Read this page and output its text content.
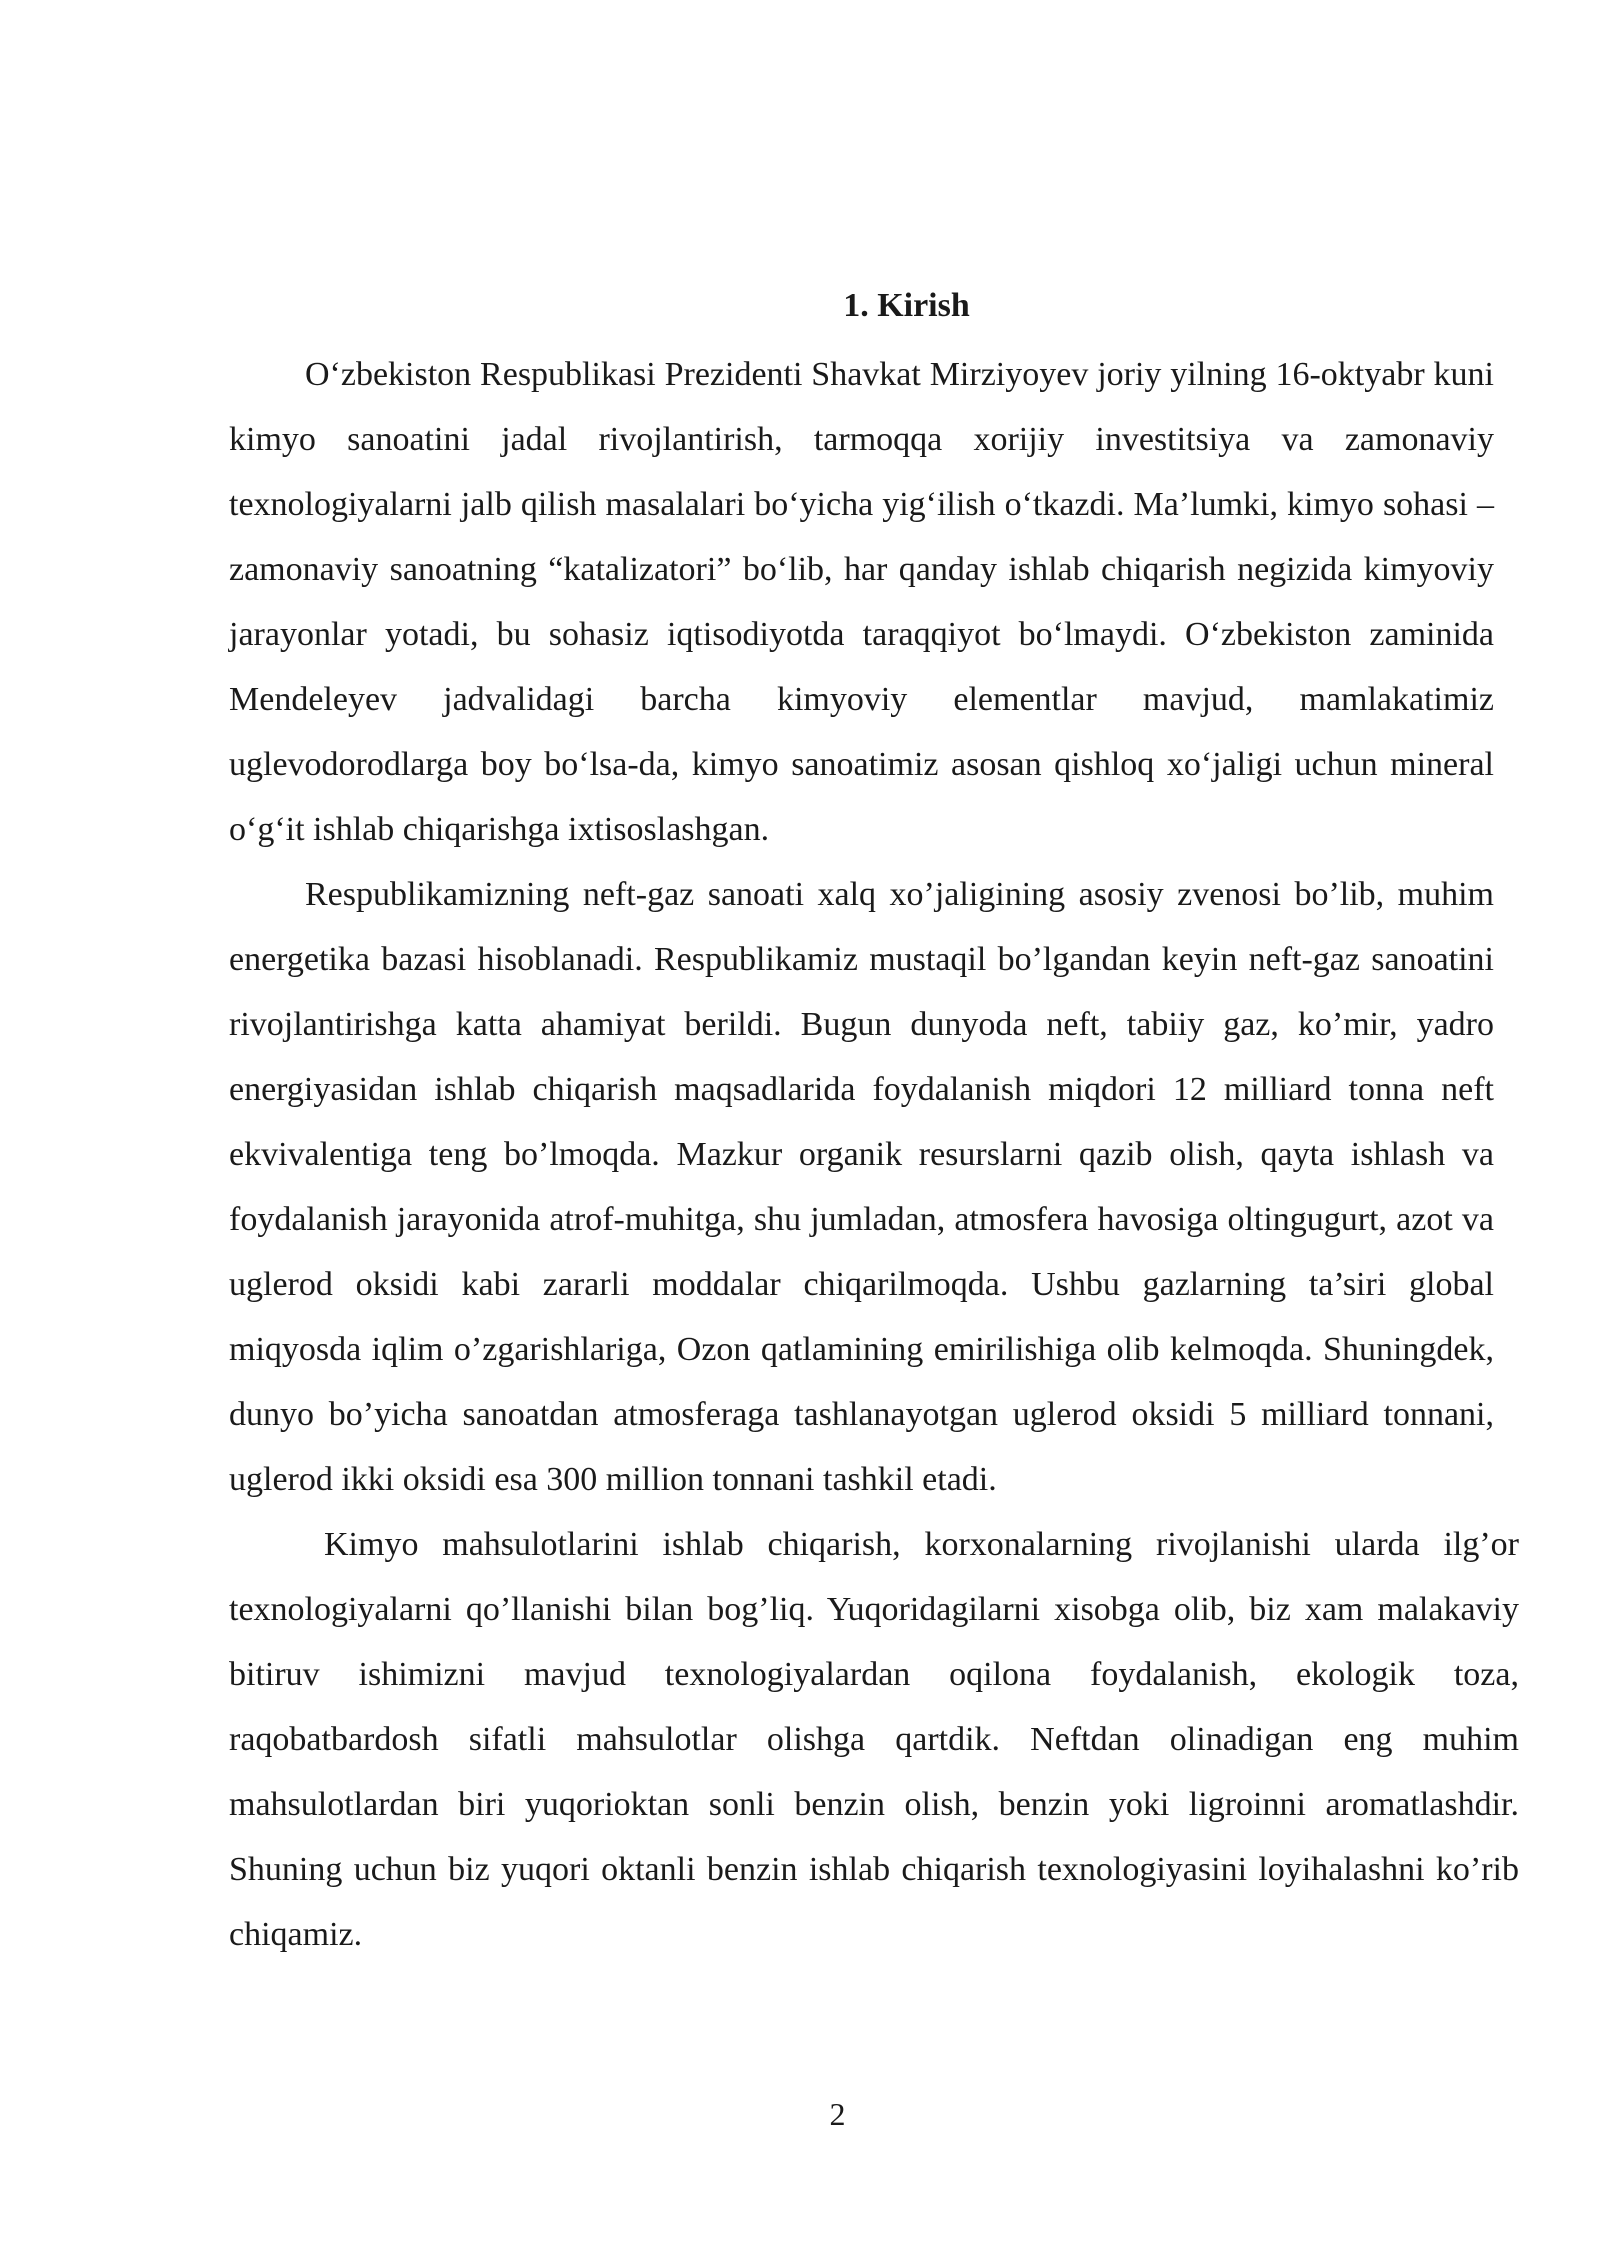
1. Kirish

O‘zbekiston Respublikasi Prezidenti Shavkat Mirziyoyev joriy yilning 16-oktyabr kuni kimyo sanoatini jadal rivojlantirish, tarmoqqa xorijiy investitsiya va zamonaviy texnologiyalarni jalb qilish masalalari bo‘yicha yig‘ilish o‘tkazdi. Ma’lumki, kimyo sohasi – zamonaviy sanoatning “katalizatori” bo‘lib, har qanday ishlab chiqarish negizida kimyoviy jarayonlar yotadi, bu sohasiz iqtisodiyotda taraqqiyot bo‘lmaydi. O‘zbekiston zaminida Mendeleyev jadvalidagi barcha kimyoviy elementlar mavjud, mamlakatimiz uglevodorodlarga boy bo‘lsa-da, kimyo sanoatimiz asosan qishloq xo‘jaligi uchun mineral o‘g‘it ishlab chiqarishga ixtisoslashgan.

Respublikamizning neft-gaz sanoati xalq xo’jaligining asosiy zvenosi bo’lib, muhim energetika bazasi hisoblanadi. Respublikamiz mustaqil bo’lgandan keyin neft-gaz sanoatini rivojlantirishga katta ahamiyat berildi. Bugun dunyoda neft, tabiiy gaz, ko’mir, yadro energiyasidan ishlab chiqarish maqsadlarida foydalanish miqdori 12 milliard tonna neft ekvivalentiga teng bo’lmoqda. Mazkur organik resurslarni qazib olish, qayta ishlash va foydalanish jarayonida atrof-muhitga, shu jumladan, atmosfera havosiga oltingugurt, azot va uglerod oksidi kabi zararli moddalar chiqarilmoqda. Ushbu gazlarning ta’siri global miqyosda iqlim o’zgarishlariga, Ozon qatlamining emirilishiga olib kelmoqda. Shuningdek, dunyo bo’yicha sanoatdan atmosferaga tashlanayotgan uglerod oksidi 5 milliard tonnani, uglerod ikki oksidi esa 300 million tonnani tashkil etadi.

Kimyo mahsulotlarini ishlab chiqarish, korxonalarning rivojlanishi ularda ilg’or texnologiyalarni qo’llanishi bilan bog’liq. Yuqoridagilarni xisobga olib, biz xam malakaviy bitiruv ishimizni mavjud texnologiyalardan oqilona foydalanish, ekologik toza, raqobatbardosh sifatli mahsulotlar olishga qartdik. Neftdan olinadigan eng muhim mahsulotlardan biri yuqorioktan sonli benzin olish, benzin yoki ligroinni aromatlashdir. Shuning uchun biz yuqori oktanli benzin ishlab chiqarish texnologiyasini loyihalashni ko’rib chiqamiz.

2
